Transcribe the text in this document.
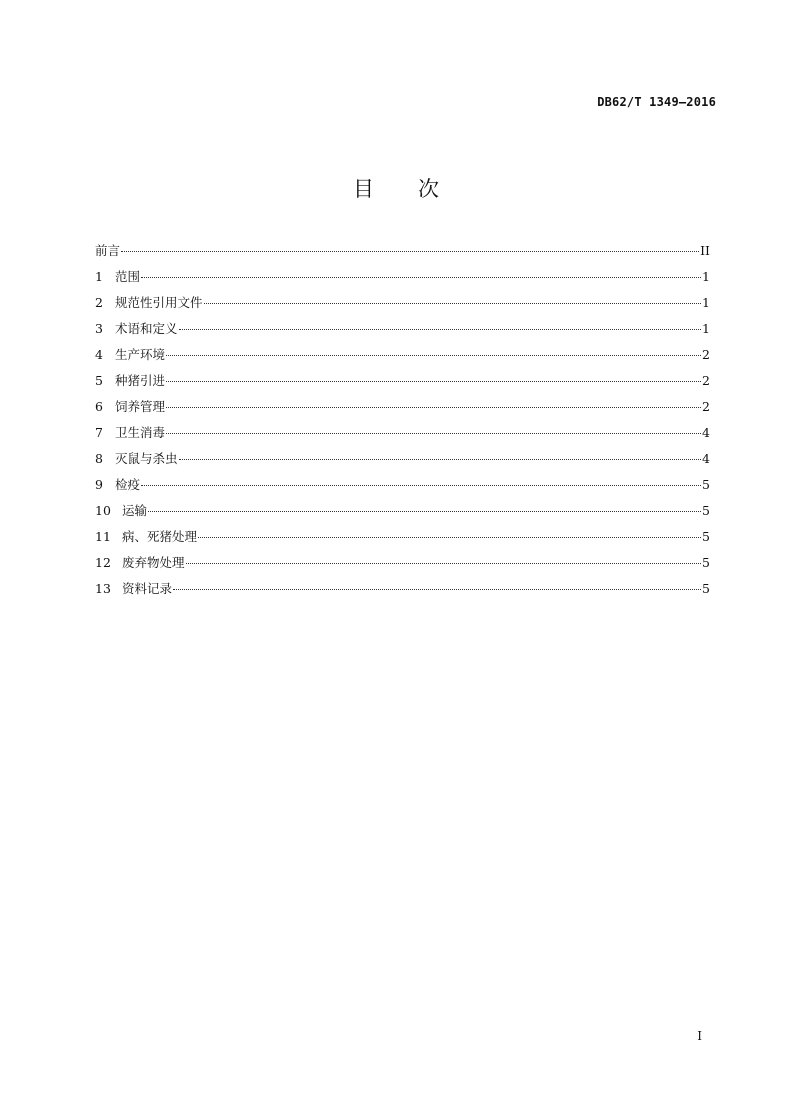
DB62/T 1349—2016
目次
前言	II
1 范围	1
2 规范性引用文件	1
3 术语和定义	1
4 生产环境	2
5 种猪引进	2
6 饲养管理	2
7 卫生消毒	4
8 灭鼠与杀虫	4
9 检疫	5
10 运输	5
11 病、死猪处理	5
12 废弃物处理	5
13 资料记录	5
I
